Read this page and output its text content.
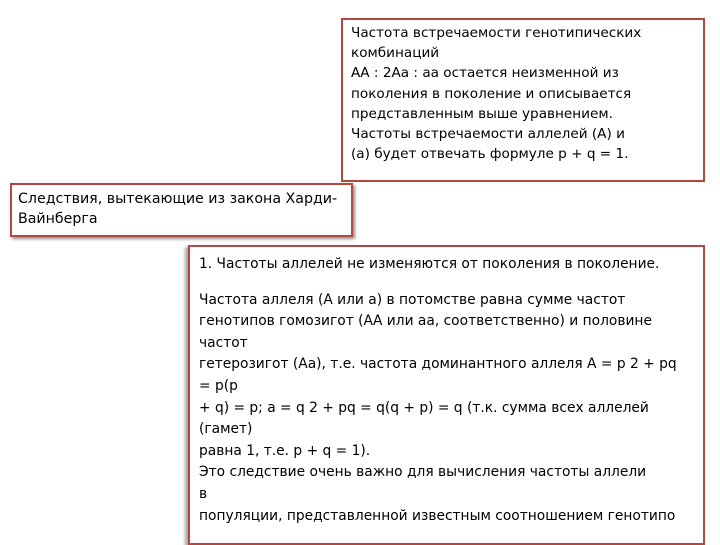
Частота встречаемости генотипических
комбинаций
АА : 2Аа : аа остается неизменной из
поколения в поколение и описывается
представленным выше уравнением.
Частоты встречаемости аллелей (А) и
(а) будет отвечать формуле р + q = 1.
Следствия, вытекающие из закона Харди-
Вайнберга
1. Частоты аллелей не изменяются от поколения в поколение.
Частота аллеля (А или а) в потомстве равна сумме частот
генотипов гомозигот (АА или аа, соответственно) и половине
частот
гетерозигот (Аа), т.е. частота доминантного аллеля А = р 2 + рq
= р(р
+ q) = р; а = q 2 + рq = q(q + р) = q (т.к. сумма всех аллелей
(гамет)
равна 1, т.е. р + q = 1).
Это следствие очень важно для вычисления частоты аллели
в
популяции, представленной известным соотношением генотипо
